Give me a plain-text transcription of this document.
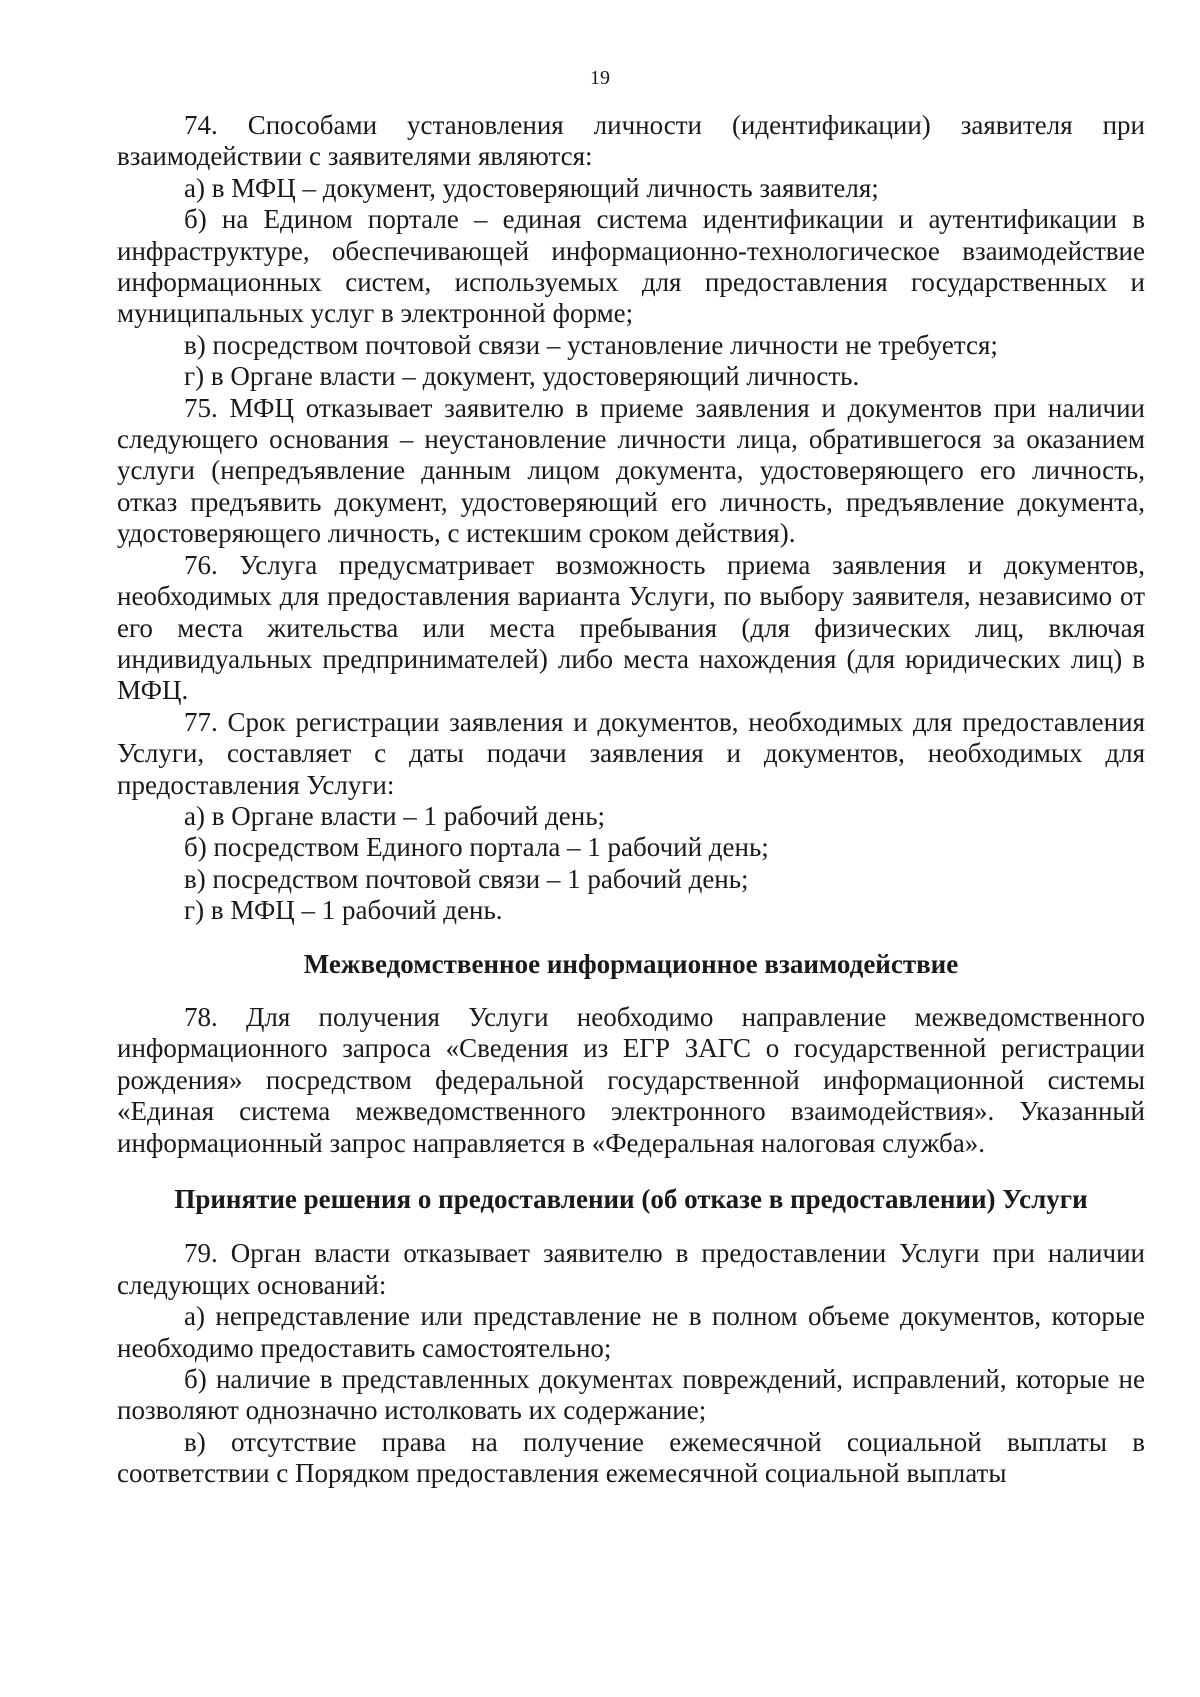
19

74. Способами установления личности (идентификации) заявителя при взаимодействии с заявителями являются:

а) в МФЦ – документ, удостоверяющий личность заявителя;

б) на Едином портале – единая система идентификации и аутентификации в инфраструктуре, обеспечивающей информационно-технологическое взаимодействие информационных систем, используемых для предоставления государственных и муниципальных услуг в электронной форме;

в) посредством почтовой связи – установление личности не требуется;

г) в Органе власти – документ, удостоверяющий личность.

75. МФЦ отказывает заявителю в приеме заявления и документов при наличии следующего основания – неустановление личности лица, обратившегося за оказанием услуги (непредъявление данным лицом документа, удостоверяющего его личность, отказ предъявить документ, удостоверяющий его личность, предъявление документа, удостоверяющего личность, с истекшим сроком действия).

76. Услуга предусматривает возможность приема заявления и документов, необходимых для предоставления варианта Услуги, по выбору заявителя, независимо от его места жительства или места пребывания (для физических лиц, включая индивидуальных предпринимателей) либо места нахождения (для юридических лиц) в МФЦ.

77. Срок регистрации заявления и документов, необходимых для предоставления Услуги, составляет с даты подачи заявления и документов, необходимых для предоставления Услуги:

а) в Органе власти – 1 рабочий день;

б) посредством Единого портала – 1 рабочий день;

в) посредством почтовой связи – 1 рабочий день;

г) в МФЦ – 1 рабочий день.

Межведомственное информационное взаимодействие

78. Для получения Услуги необходимо направление межведомственного информационного запроса «Сведения из ЕГР ЗАГС о государственной регистрации рождения» посредством федеральной государственной информационной системы «Единая система межведомственного электронного взаимодействия». Указанный информационный запрос направляется в «Федеральная налоговая служба».

Принятие решения о предоставлении (об отказе в предоставлении) Услуги

79. Орган власти отказывает заявителю в предоставлении Услуги при наличии следующих оснований:

а) непредставление или представление не в полном объеме документов, которые необходимо предоставить самостоятельно;

б) наличие в представленных документах повреждений, исправлений, которые не позволяют однозначно истолковать их содержание;

в) отсутствие права на получение ежемесячной социальной выплаты в соответствии с Порядком предоставления ежемесячной социальной выплаты
